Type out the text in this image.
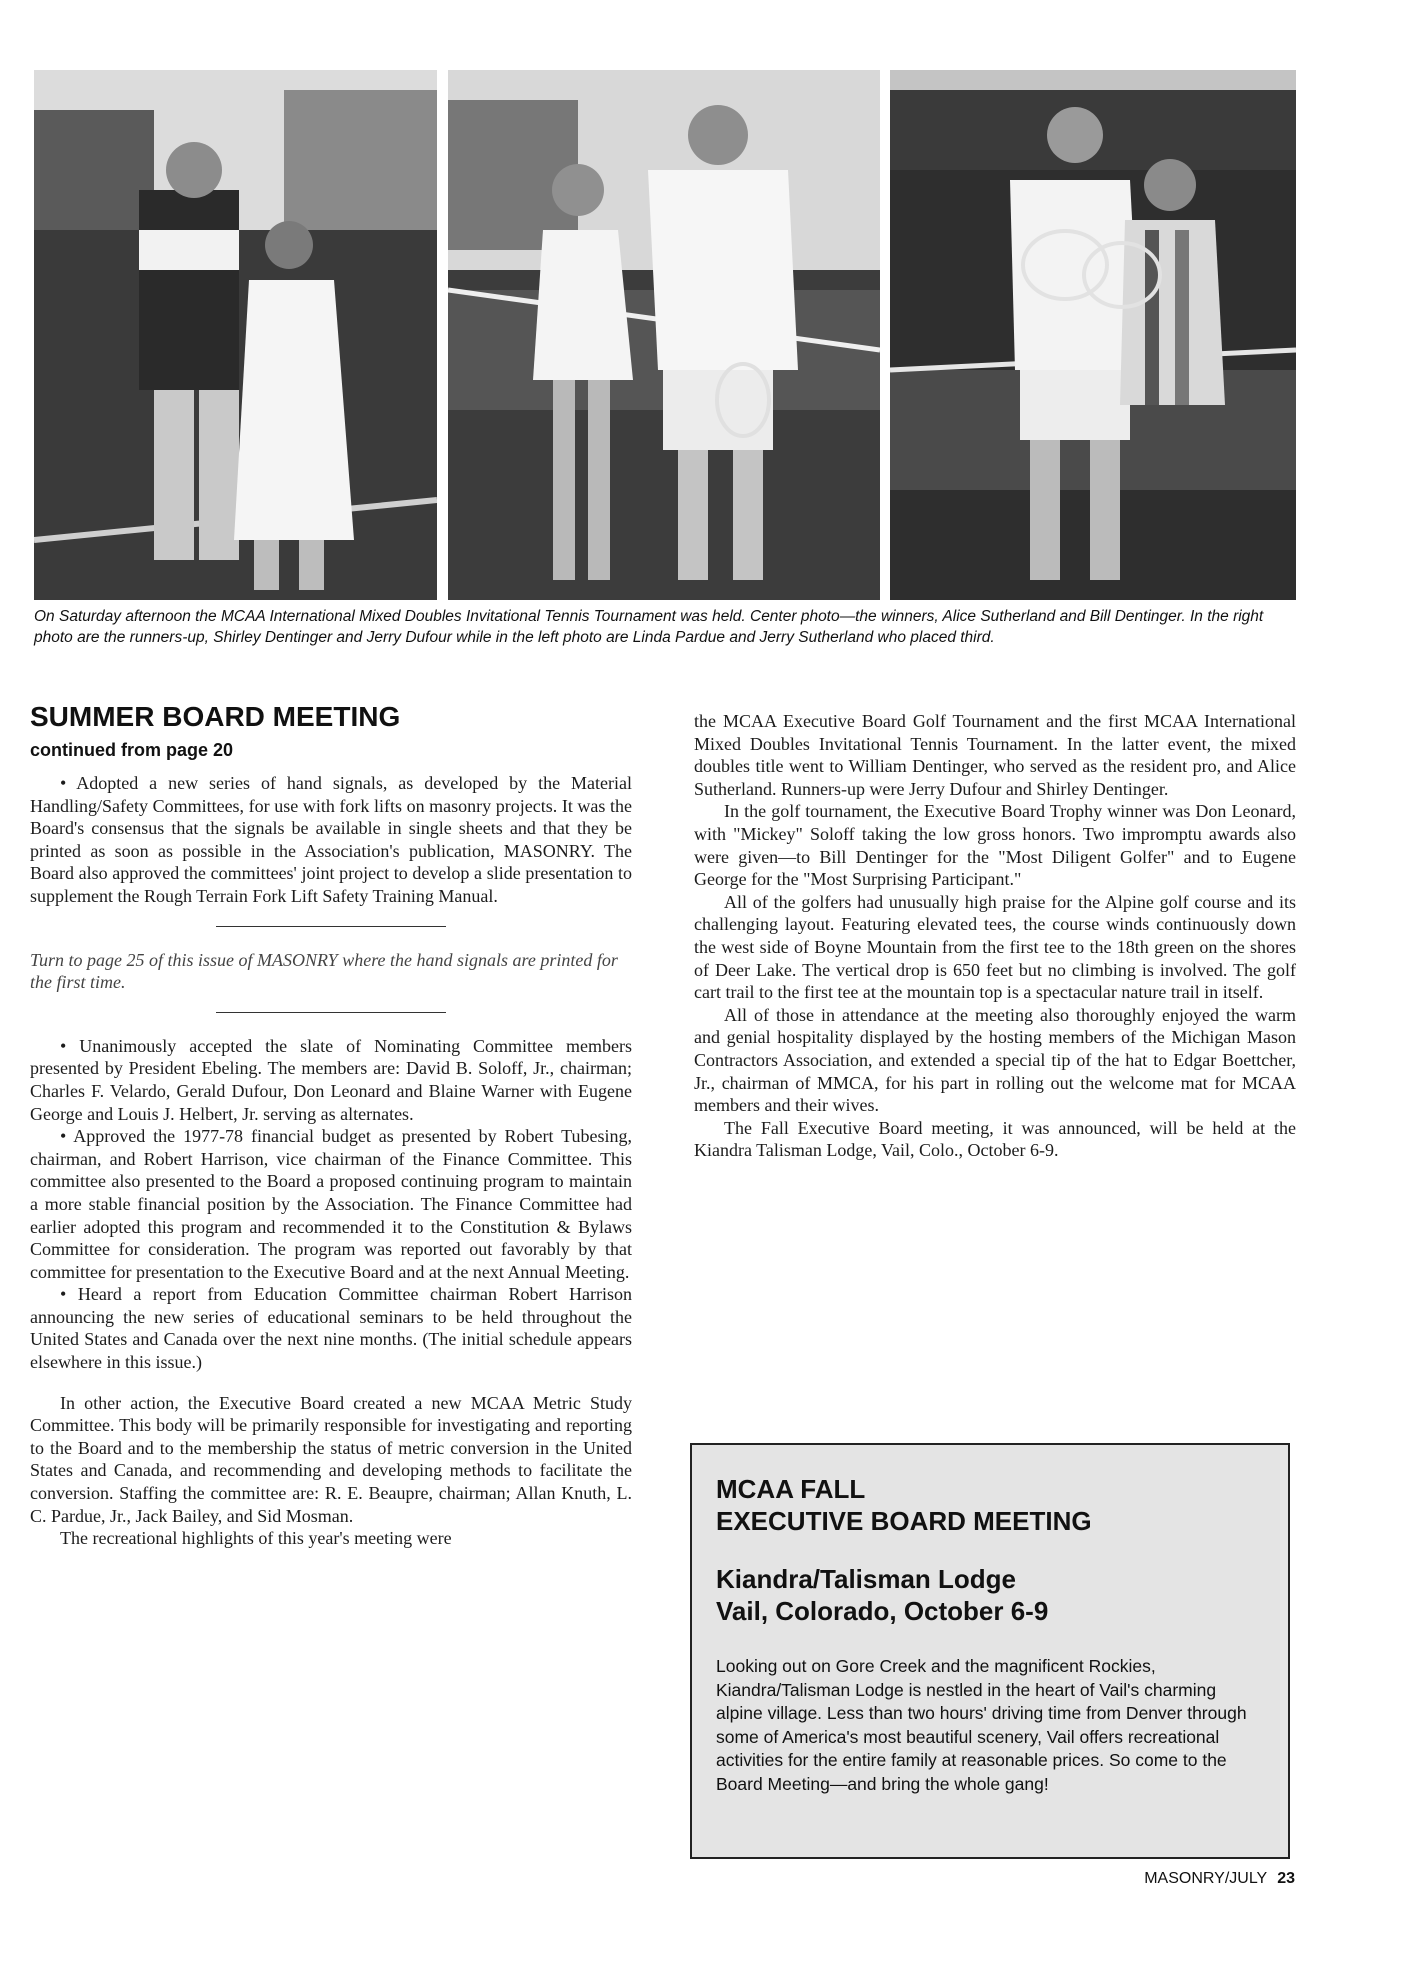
On Saturday afternoon the MCAA International Mixed Doubles Invitational Tennis Tournament was held. Center photo—the winners, Alice Sutherland and Bill Dentinger. In the right photo are the runners-up, Shirley Dentinger and Jerry Dufour while in the left photo are Linda Pardue and Jerry Sutherland who placed third.
SUMMER BOARD MEETING
continued from page 20

• Adopted a new series of hand signals, as developed by the Material Handling/Safety Committees, for use with fork lifts on masonry projects. It was the Board's consensus that the signals be available in single sheets and that they be printed as soon as possible in the Association's publication, MASONRY. The Board also approved the committees' joint project to develop a slide presentation to supplement the Rough Terrain Fork Lift Safety Training Manual.

Turn to page 25 of this issue of MASONRY where the hand signals are printed for the first time.

• Unanimously accepted the slate of Nominating Committee members presented by President Ebeling. The members are: David B. Soloff, Jr., chairman; Charles F. Velardo, Gerald Dufour, Don Leonard and Blaine Warner with Eugene George and Louis J. Helbert, Jr. serving as alternates.

• Approved the 1977-78 financial budget as presented by Robert Tubesing, chairman, and Robert Harrison, vice chairman of the Finance Committee. This committee also presented to the Board a proposed continuing program to maintain a more stable financial position by the Association. The Finance Committee had earlier adopted this program and recommended it to the Constitution & Bylaws Committee for consideration. The program was reported out favorably by that committee for presentation to the Executive Board and at the next Annual Meeting.

• Heard a report from Education Committee chairman Robert Harrison announcing the new series of educational seminars to be held throughout the United States and Canada over the next nine months. (The initial schedule appears elsewhere in this issue.)

In other action, the Executive Board created a new MCAA Metric Study Committee. This body will be primarily responsible for investigating and reporting to the Board and to the membership the status of metric conversion in the United States and Canada, and recommending and developing methods to facilitate the conversion. Staffing the committee are: R. E. Beaupre, chairman; Allan Knuth, L. C. Pardue, Jr., Jack Bailey, and Sid Mosman.

The recreational highlights of this year's meeting were

the MCAA Executive Board Golf Tournament and the first MCAA International Mixed Doubles Invitational Tennis Tournament. In the latter event, the mixed doubles title went to William Dentinger, who served as the resident pro, and Alice Sutherland. Runners-up were Jerry Dufour and Shirley Dentinger.

In the golf tournament, the Executive Board Trophy winner was Don Leonard, with "Mickey" Soloff taking the low gross honors. Two impromptu awards also were given—to Bill Dentinger for the "Most Diligent Golfer" and to Eugene George for the "Most Surprising Participant."

All of the golfers had unusually high praise for the Alpine golf course and its challenging layout. Featuring elevated tees, the course winds continuously down the west side of Boyne Mountain from the first tee to the 18th green on the shores of Deer Lake. The vertical drop is 650 feet but no climbing is involved. The golf cart trail to the first tee at the mountain top is a spectacular nature trail in itself.

All of those in attendance at the meeting also thoroughly enjoyed the warm and genial hospitality displayed by the hosting members of the Michigan Mason Contractors Association, and extended a special tip of the hat to Edgar Boettcher, Jr., chairman of MMCA, for his part in rolling out the welcome mat for MCAA members and their wives.

The Fall Executive Board meeting, it was announced, will be held at the Kiandra Talisman Lodge, Vail, Colo., October 6-9.

MCAA FALL
EXECUTIVE BOARD MEETING
Kiandra/Talisman Lodge
Vail, Colorado, October 6-9
Looking out on Gore Creek and the magnificent Rockies, Kiandra/Talisman Lodge is nestled in the heart of Vail's charming alpine village. Less than two hours' driving time from Denver through some of America's most beautiful scenery, Vail offers recreational activities for the entire family at reasonable prices. So come to the Board Meeting—and bring the whole gang!
MASONRY/JULY 23
